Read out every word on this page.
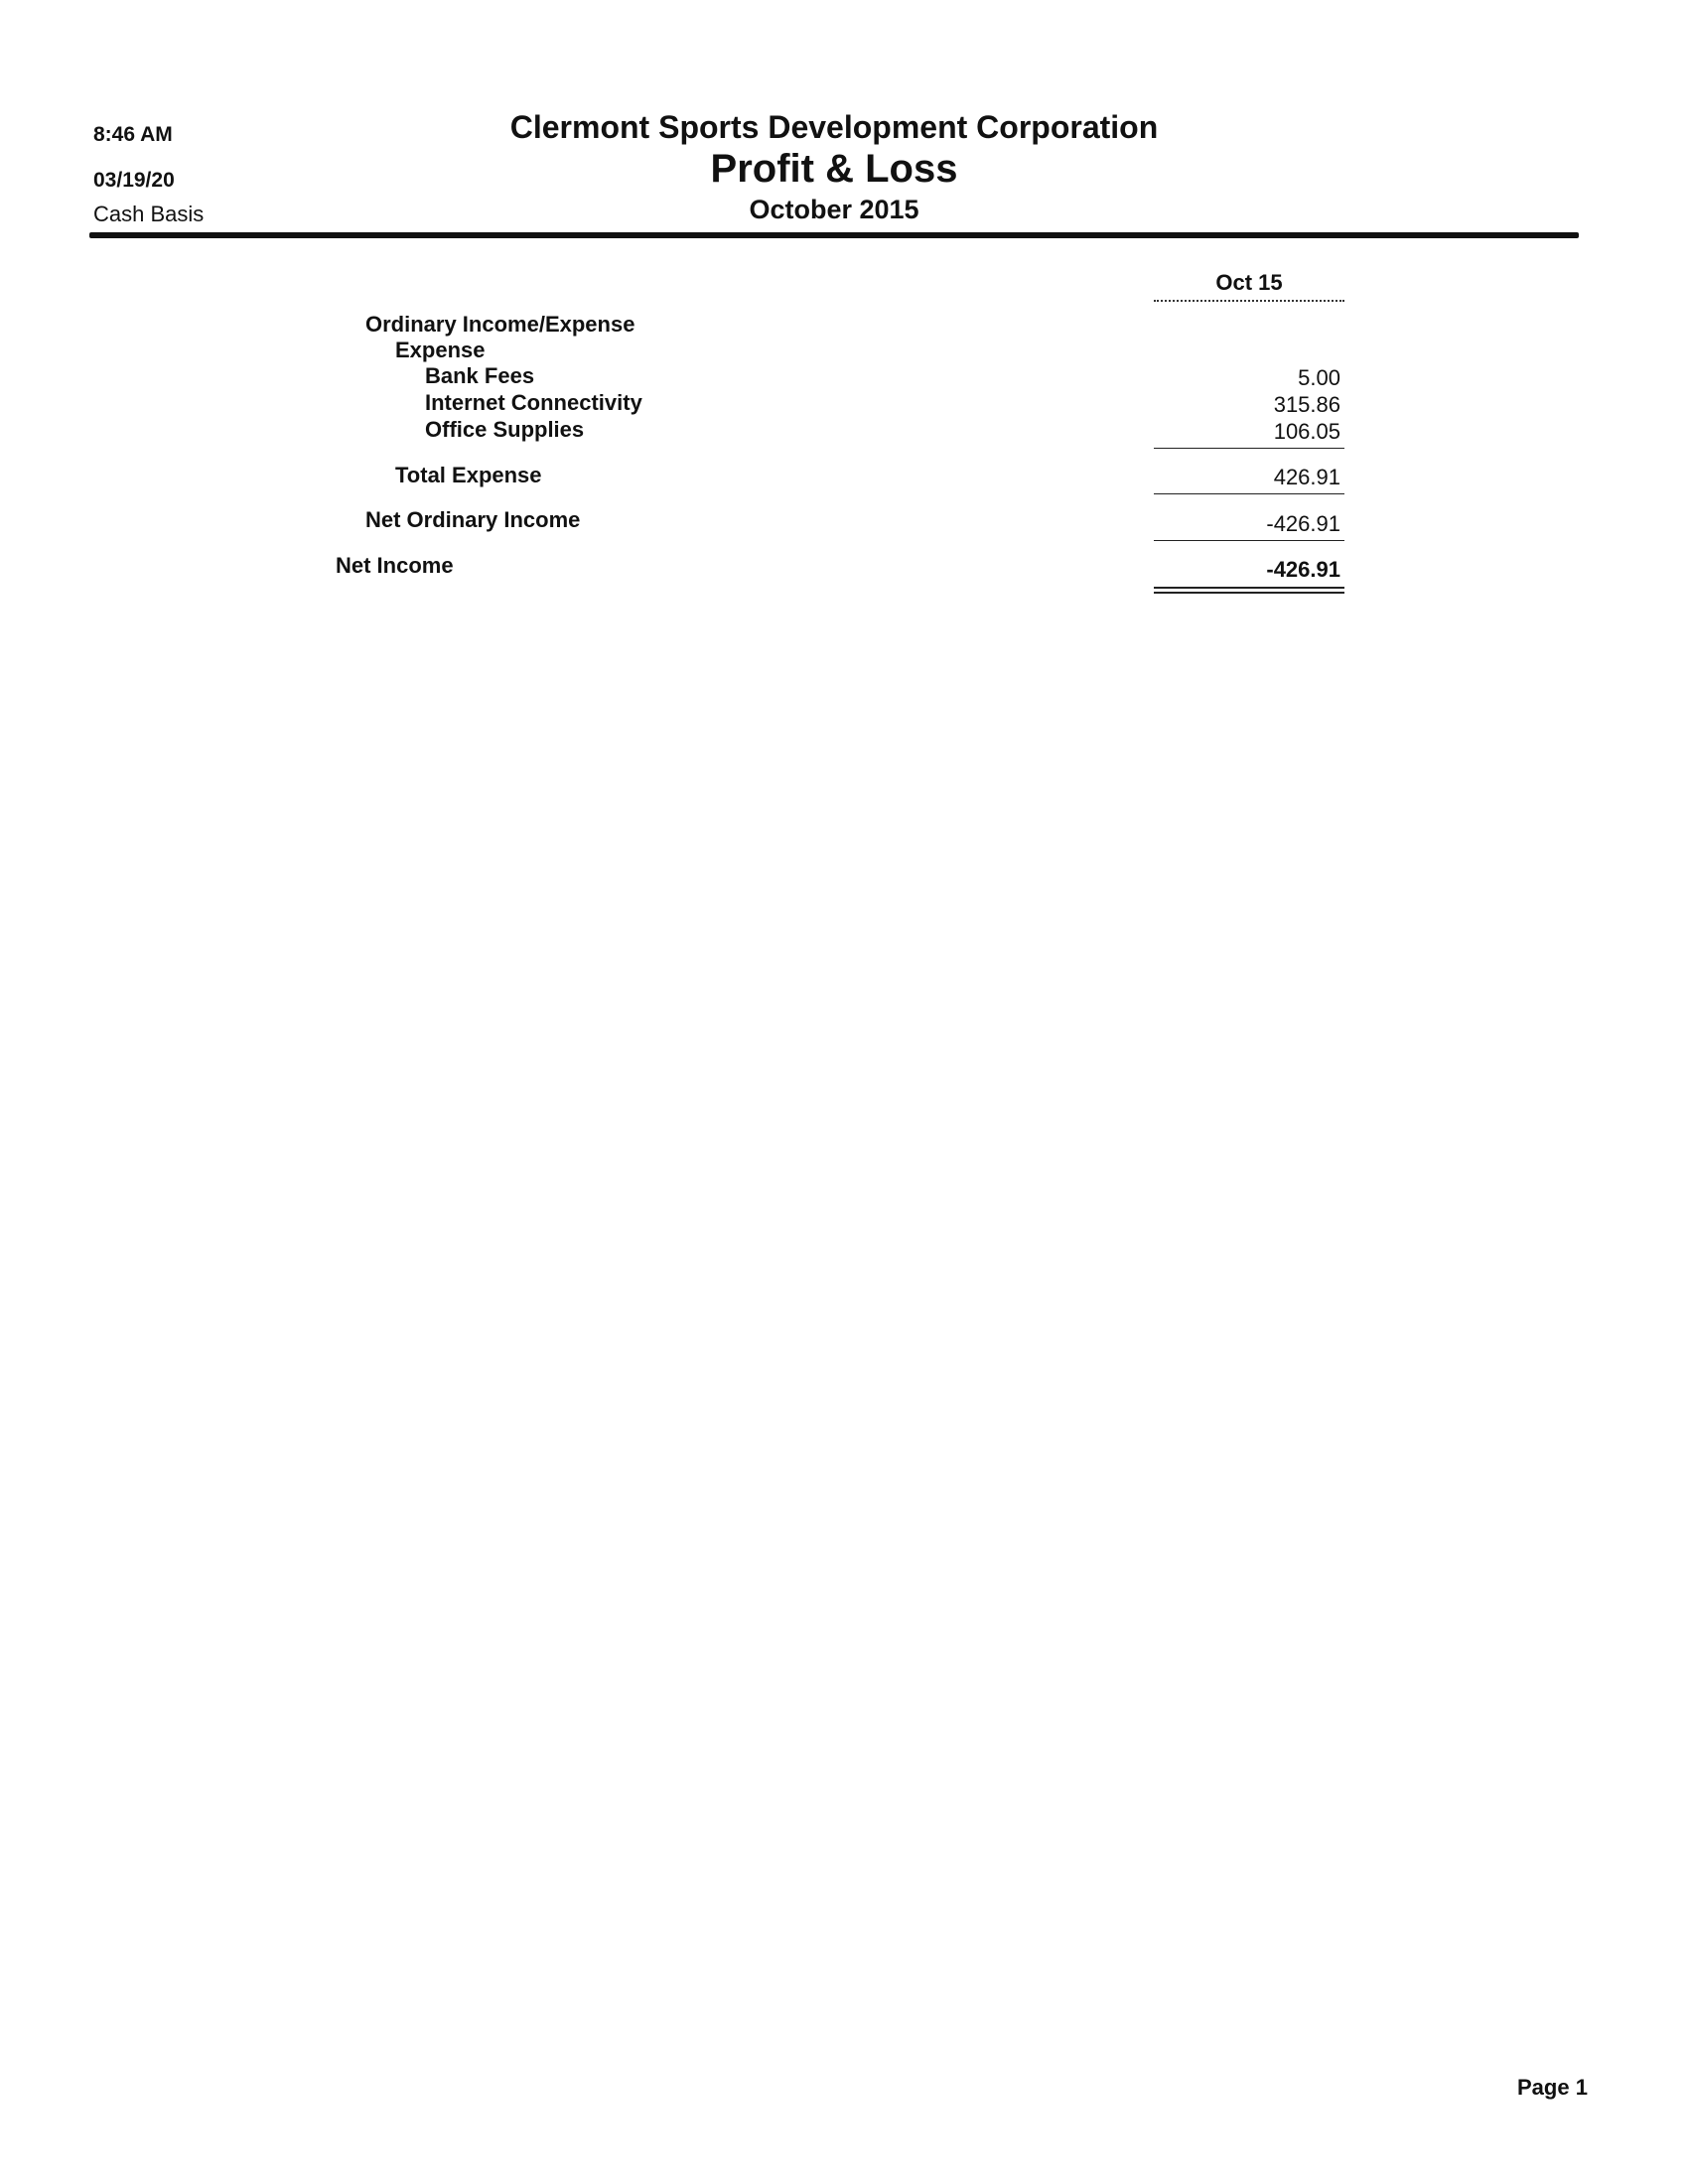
8:46 AM
03/19/20
Cash Basis
Clermont Sports Development Corporation
Profit & Loss
October 2015
Oct 15
Ordinary Income/Expense
Expense
Bank Fees	5.00
Internet Connectivity	315.86
Office Supplies	106.05
Total Expense	426.91
Net Ordinary Income	-426.91
Net Income	-426.91
Page 1
